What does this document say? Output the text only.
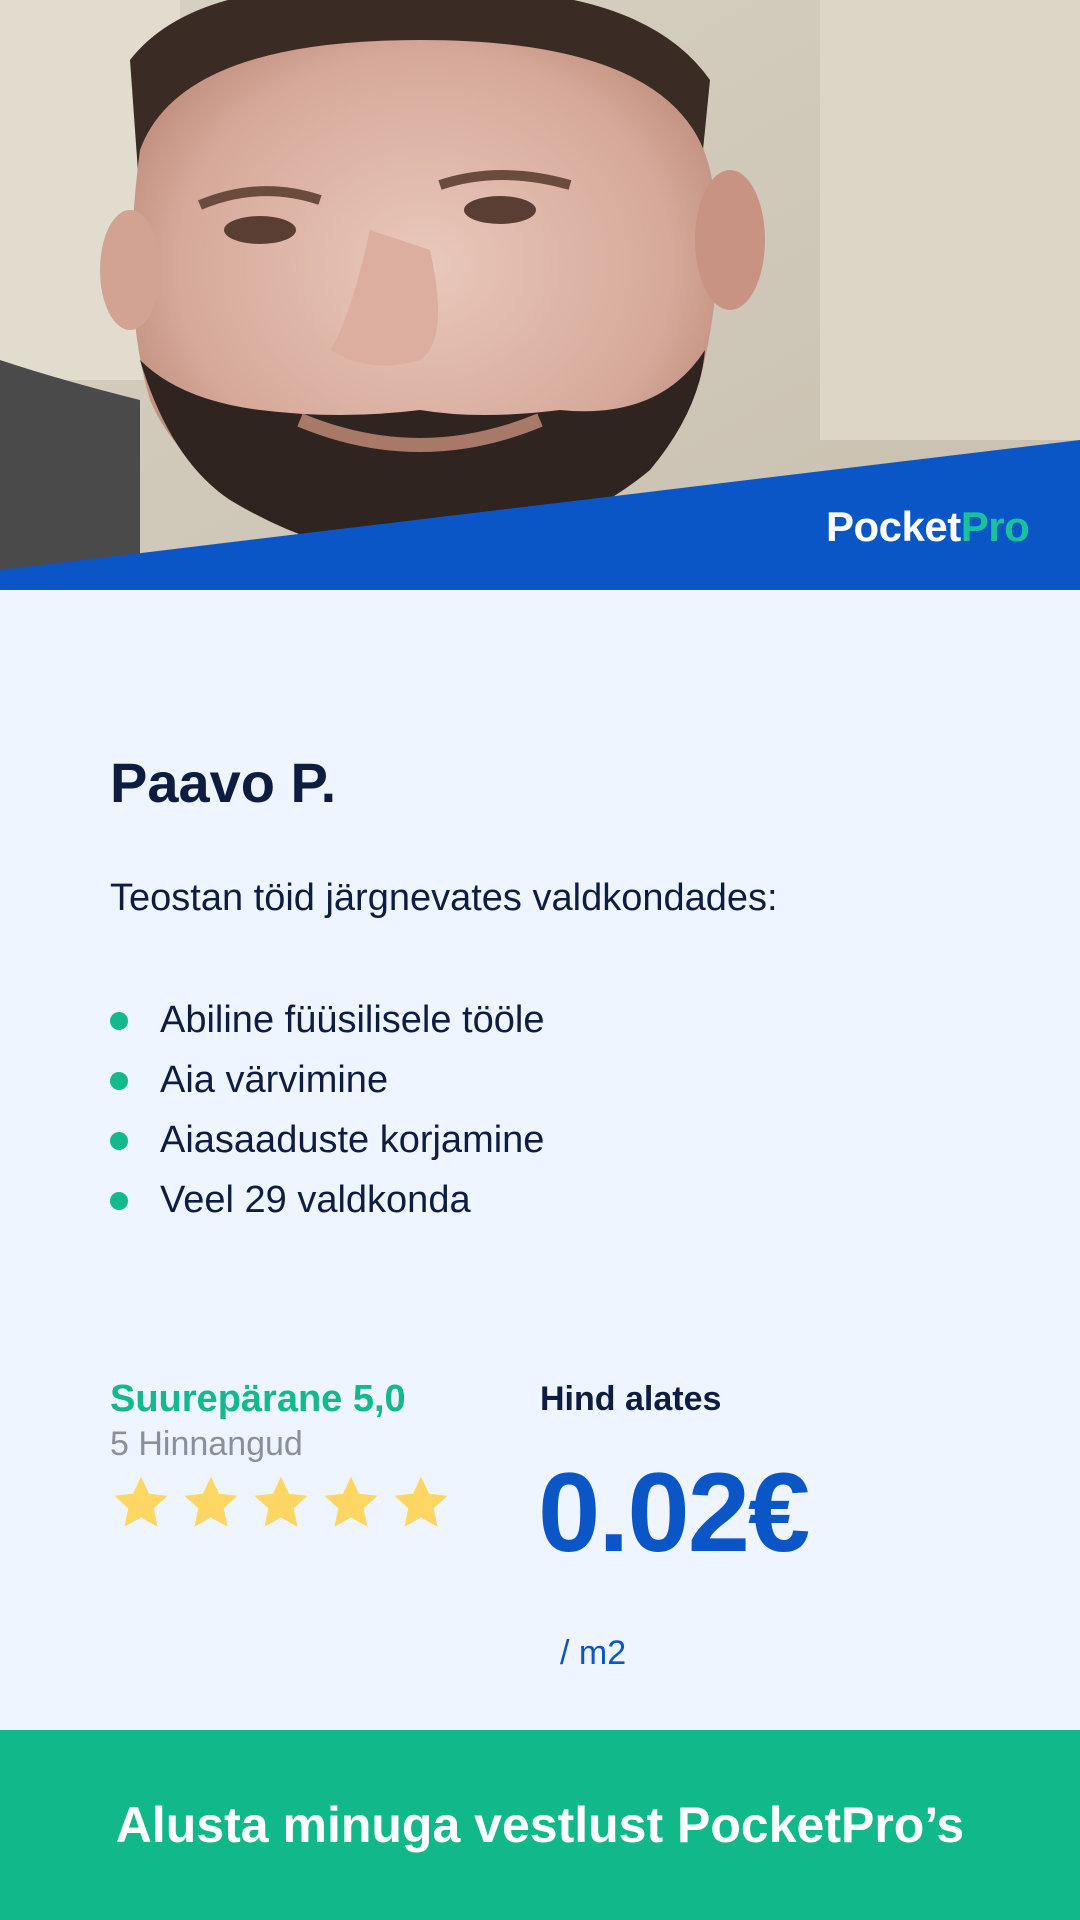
PocketPro
Paavo P.

Teostan töid järgnevates valdkondades:

Abiline füüsilisele tööle
Aia värvimine
Aiasaaduste korjamine
Veel 29 valdkonda
Suurepärane 5,0
5 Hinnangud
Hind alates
0.02€
/ m2
Alusta minuga vestlust PocketPro’s
